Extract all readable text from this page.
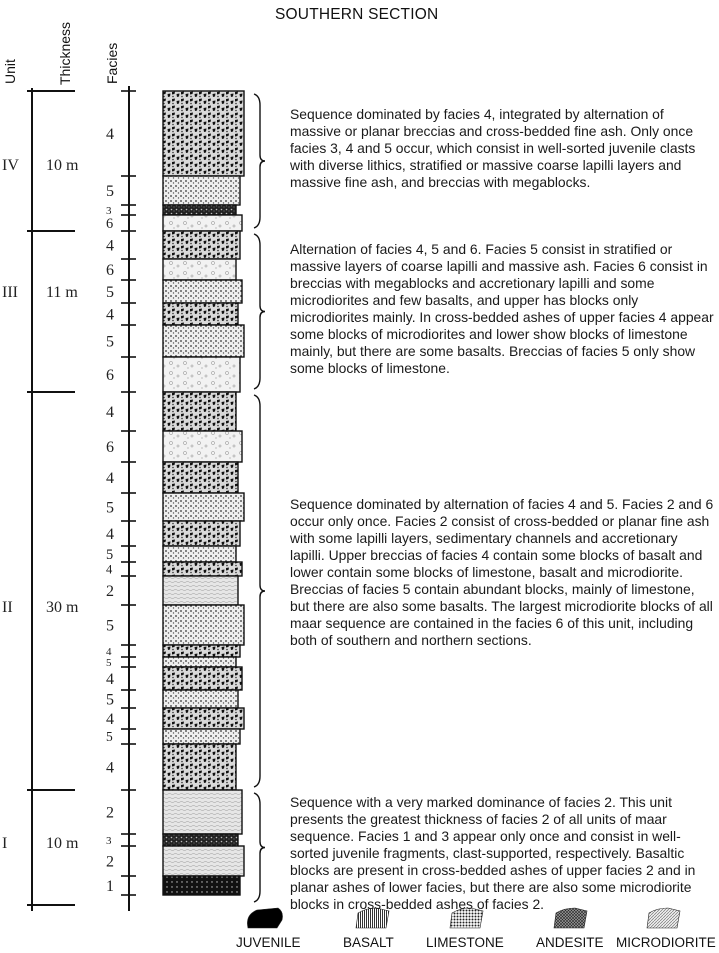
SOUTHERN SECTION
Unit	Thickness Facies
IV 10 m
III 11 m
II 30 m
I 10 m
4
5
3
6
4
6
5
4
5
6
4
6
4
5
4
5
4
2
5
4
5
4
5
4
5
4
2
3
2
1
Sequence dominated by facies 4, integrated by alternation of massive or planar breccias and cross-bedded fine ash. Only once facies 3, 4 and 5 occur, which consist in well-sorted juvenile clasts with diverse lithics, stratified or massive coarse lapilli layers and massive fine ash, and breccias with megablocks.
Alternation of facies 4, 5 and 6. Facies 5 consist in stratified or massive layers of coarse lapilli and massive ash. Facies 6 consist in breccias with megablocks and accretionary lapilli and some microdiorites and few basalts, and upper has blocks only microdiorites mainly. In cross-bedded ashes of upper facies 4 appear some blocks of microdiorites and lower show blocks of limestone mainly, but there are some basalts. Breccias of facies 5 only show some blocks of limestone.
Sequence dominated by alternation of facies 4 and 5. Facies 2 and 6 occur only once. Facies 2 consist of cross-bedded or planar fine ash with some lapilli layers, sedimentary channels and accretionary lapilli. Upper breccias of facies 4 contain some blocks of basalt and lower contain some blocks of limestone, basalt and microdiorite. Breccias of facies 5 contain abundant blocks, mainly of limestone, but there are also some basalts. The largest microdiorite blocks of all maar sequence are contained in the facies 6 of this unit, including both of southern and northern sections.
Sequence with a very marked dominance of facies 2. This unit presents the greatest thickness of facies 2 of all units of maar sequence. Facies 1 and 3 appear only once and consist in well-sorted juvenile fragments, clast-supported, respectively. Basaltic blocks are present in cross-bedded ashes of upper facies 2 and in planar ashes of lower facies, but there are also some microdiorite blocks in cross-bedded ashes of facies 2.
JUVENILE	BASALT LIMESTONE ANDESITE MICRODIORITE
